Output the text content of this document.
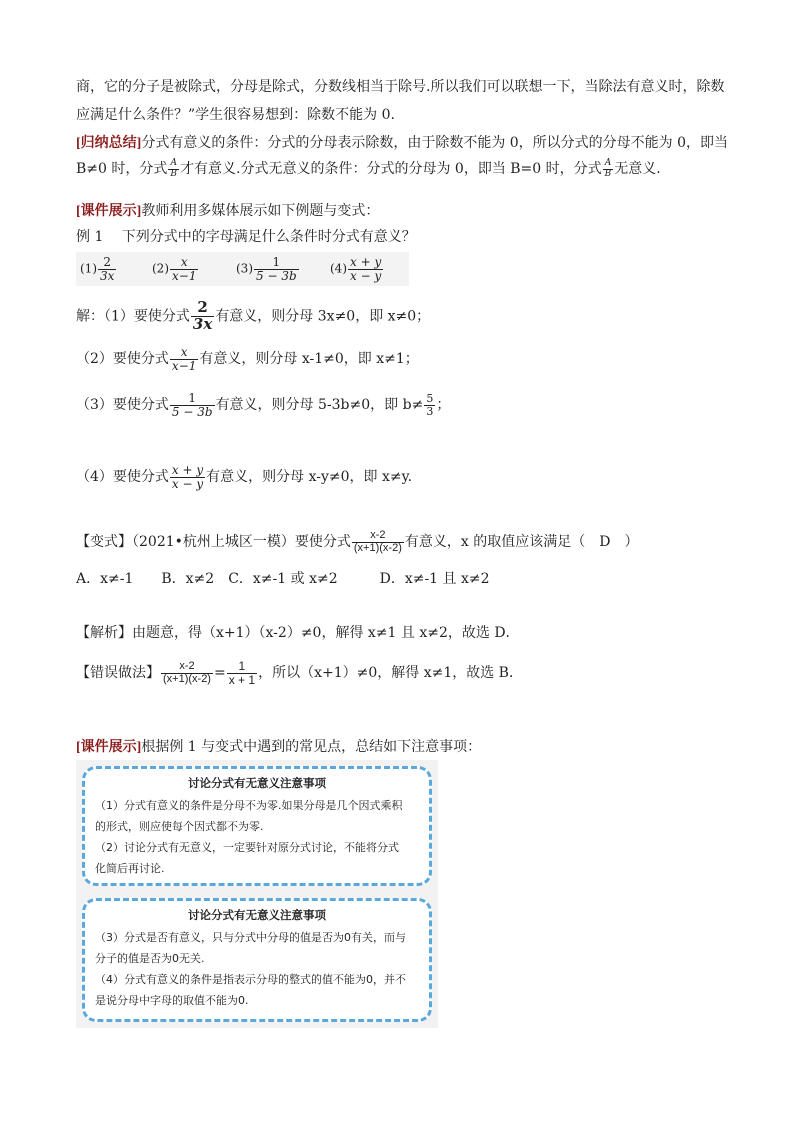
商，它的分子是被除式，分母是除式，分数线相当于除号.所以我们可以联想一下，当除法有意义时，除数
应满足什么条件？”学生很容易想到：除数不能为 0.
[归纳总结]分式有意义的条件：分式的分母表示除数，由于除数不能为 0，所以分式的分母不能为 0，即当
B≠0 时，分式 $\frac{A}{B}$ 才有意义.分式无意义的条件：分式的分母为 0，即当 B=0 时，分式 $\frac{A}{B}$ 无意义.
[课件展示]教师利用多媒体展示如下例题与变式：
例 1　 下列分式中的字母满足什么条件时分式有意义？
$(1) \frac{2}{3x}$	$(2) \frac{x}{x-1}$	$(3) \frac{1}{5 - 3b}$	$(4) \frac{x + y}{x - y}$
解：（1）要使分式 $\frac{2}{3x}$ 有意义，则分母 3x≠0，即 x≠0；
（2）要使分式 $\frac{x}{x-1}$ 有意义，则分母 x-1≠0，即 x≠1；
（3）要使分式 $\frac{1}{5 - 3b}$ 有意义，则分母 5-3b≠0，即 $b\ne \frac{5}{3}$ ；
（4）要使分式 $\frac{x + y}{x - y}$ 有意义，则分母 x-y≠0，即 x≠y.
【变式】（2021•杭州上城区一模）要使分式 $\frac{x-2}{(x+1)(x-2)}$ 有意义，x 的取值应该满足（　D　）
A．x≠-1　　B．x≠2　C．x≠-1 或 x≠2　　　D．x≠-1 且 x≠2
【解析】由题意，得（x+1）（x-2）≠0，解得 x≠1 且 x≠2，故选 D．
【错误做法】 $\frac{x-2}{(x+1)(x-2)} = \frac{1}{x + 1}$ ，所以（x+1）≠0，解得 x≠1，故选 B．
[课件展示]根据例 1 与变式中遇到的常见点，总结如下注意事项：
讨论分式有无意义注意事项
（1）分式有意义的条件是分母不为零.如果分母是几个因式乘积
的形式，则应使每个因式都不为零.
（2）讨论分式有无意义，一定要针对原分式讨论，不能将分式
化简后再讨论.
讨论分式有无意义注意事项
（3）分式是否有意义，只与分式中分母的值是否为0有关，而与
分子的值是否为0无关.
（4）分式有意义的条件是指表示分母的整式的值不能为0，并不
是说分母中字母的取值不能为0.
